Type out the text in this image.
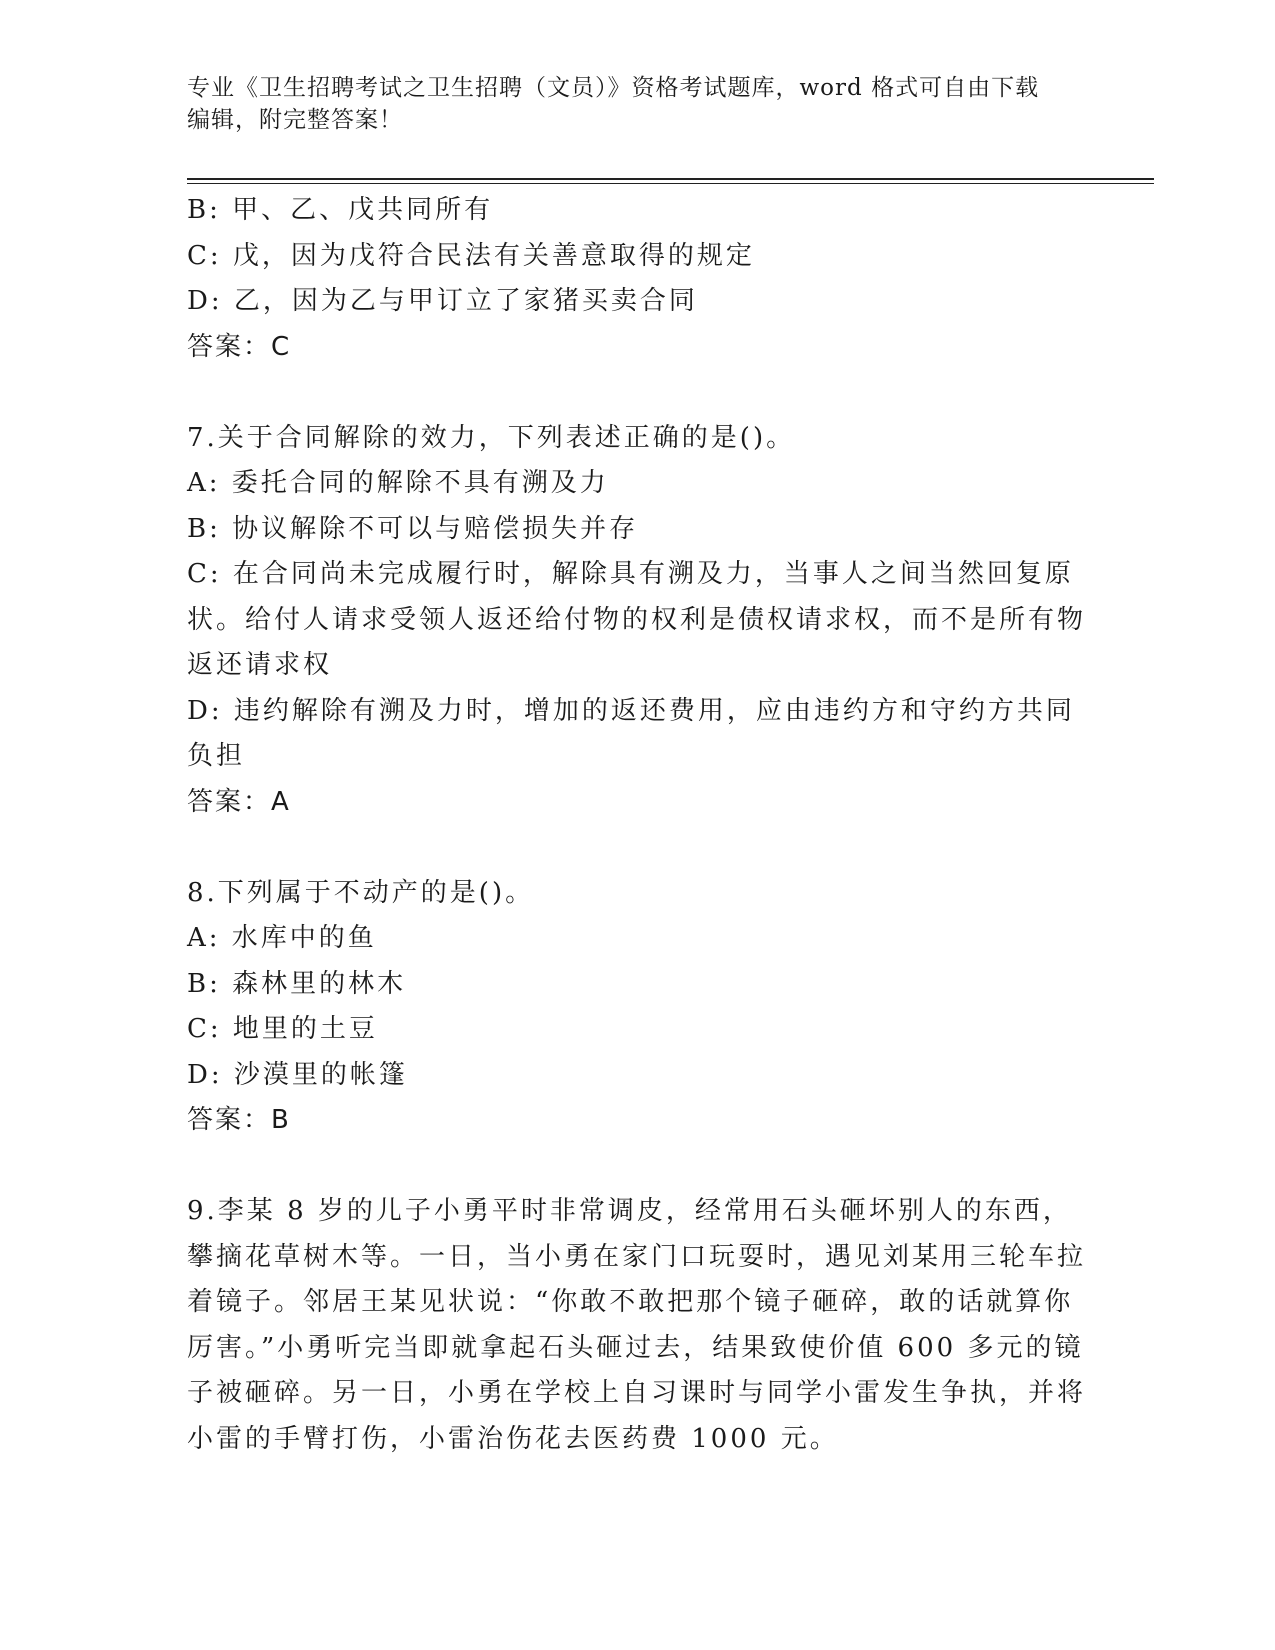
专业《卫生招聘考试之卫生招聘（文员）》资格考试题库，word 格式可自由下载
编辑，附完整答案！

B: 甲、乙、戊共同所有

C: 戊，因为戊符合民法有关善意取得的规定

D: 乙，因为乙与甲订立了家猪买卖合同

答案：C

7.关于合同解除的效力，下列表述正确的是()。

A: 委托合同的解除不具有溯及力

B: 协议解除不可以与赔偿损失并存

C: 在合同尚未完成履行时，解除具有溯及力，当事人之间当然回复原状。给付人请求受领人返还给付物的权利是债权请求权，而不是所有物返还请求权

D: 违约解除有溯及力时，增加的返还费用，应由违约方和守约方共同负担

答案：A

8.下列属于不动产的是()。

A: 水库中的鱼

B: 森林里的林木

C: 地里的土豆

D: 沙漠里的帐篷

答案：B

9.李某 8 岁的儿子小勇平时非常调皮，经常用石头砸坏别人的东西，攀摘花草树木等。一日，当小勇在家门口玩耍时，遇见刘某用三轮车拉着镜子。邻居王某见状说：“你敢不敢把那个镜子砸碎，敢的话就算你厉害。”小勇听完当即就拿起石头砸过去，结果致使价值 600 多元的镜子被砸碎。另一日，小勇在学校上自习课时与同学小雷发生争执，并将小雷的手臂打伤，小雷治伤花去医药费 1000 元。
